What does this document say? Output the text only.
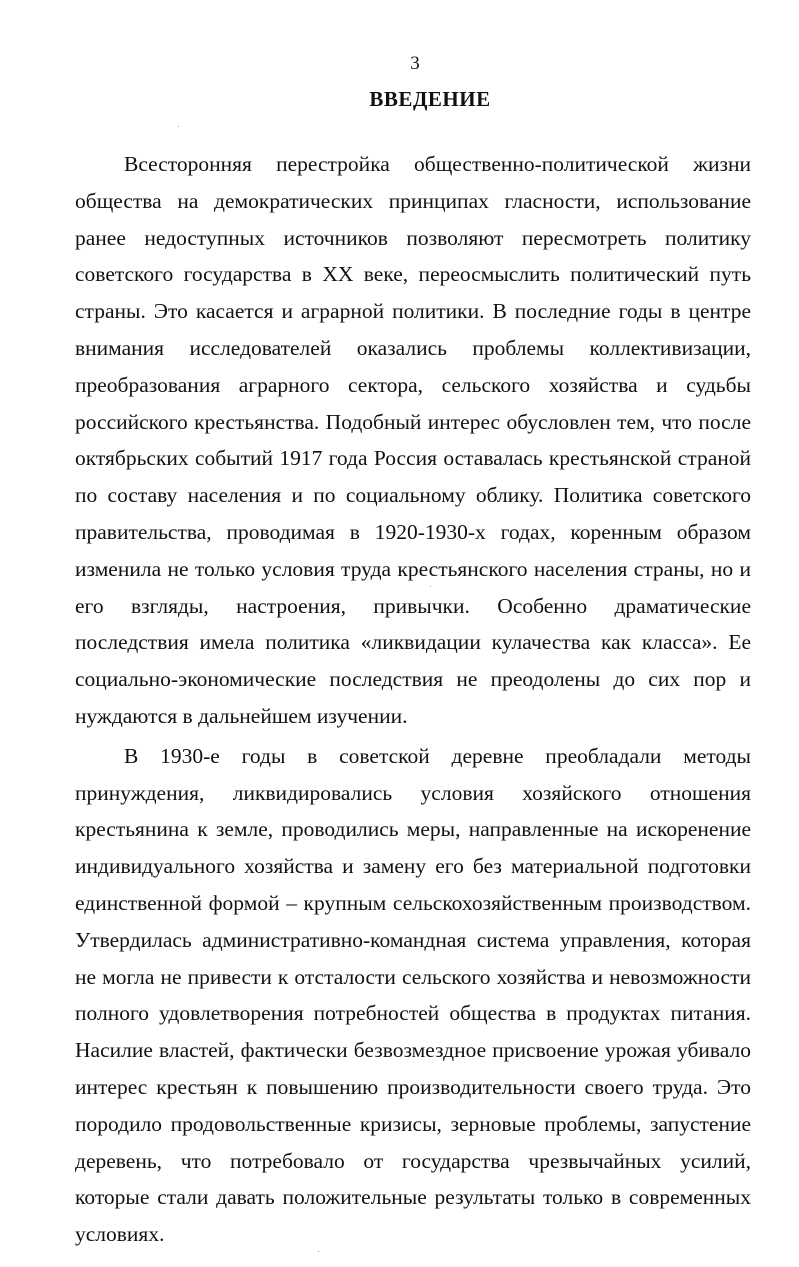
3
ВВЕДЕНИЕ

Всесторонняя перестройка общественно-политической жизни общества на демократических принципах гласности, использование ранее недоступных источников позволяют пересмотреть политику советского государства в XX веке, переосмыслить политический путь страны. Это касается и аграрной политики. В последние годы в центре внимания исследователей оказались проблемы коллективизации, преобразования аграрного сектора, сельского хозяйства и судьбы российского крестьянства. Подобный интерес обусловлен тем, что после октябрьских событий 1917 года Россия оставалась крестьянской страной по составу населения и по социальному облику. Политика советского правительства, проводимая в 1920-1930-х годах, коренным образом изменила не только условия труда крестьянского населения страны, но и его взгляды, настроения, привычки. Особенно драматические последствия имела политика «ликвидации кулачества как класса». Ее социально-экономические последствия не преодолены до сих пор и нуждаются в дальнейшем изучении.

В 1930-е годы в советской деревне преобладали методы принуждения, ликвидировались условия хозяйского отношения крестьянина к земле, проводились меры, направленные на искоренение индивидуального хозяйства и замену его без материальной подготовки единственной формой – крупным сельскохозяйственным производством. Утвердилась административно-командная система управления, которая не могла не привести к отсталости сельского хозяйства и невозможности полного удовлетворения потребностей общества в продуктах питания. Насилие властей, фактически безвозмездное присвоение урожая убивало интерес крестьян к повышению производительности своего труда. Это породило продовольственные кризисы, зерновые проблемы, запустение деревень, что потребовало от государства чрезвычайных усилий, которые стали давать положительные результаты только в современных условиях.
